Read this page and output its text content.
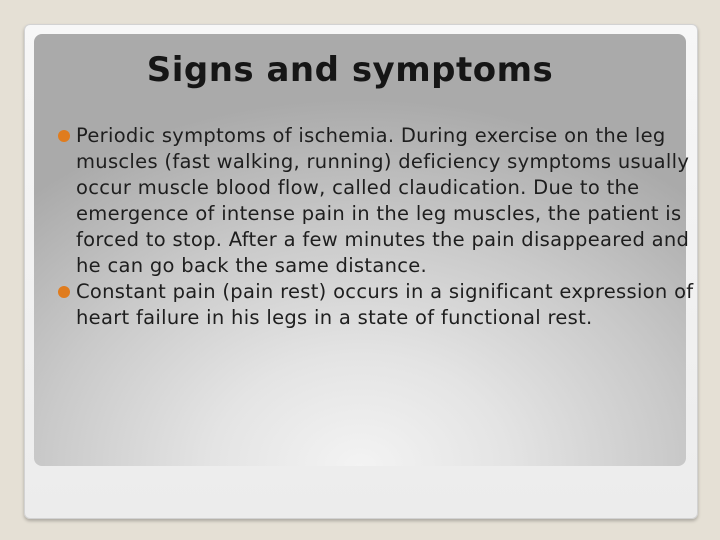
Signs and symptoms
Periodic symptoms of ischemia. During exercise on the leg muscles (fast walking, running) deficiency symptoms usually occur muscle blood flow, called claudication. Due to the emergence of intense pain in the leg muscles, the patient is forced to stop. After a few minutes the pain disappeared and he can go back the same distance.
Constant pain (pain rest) occurs in a significant expression of heart failure in his legs in a state of functional rest.
